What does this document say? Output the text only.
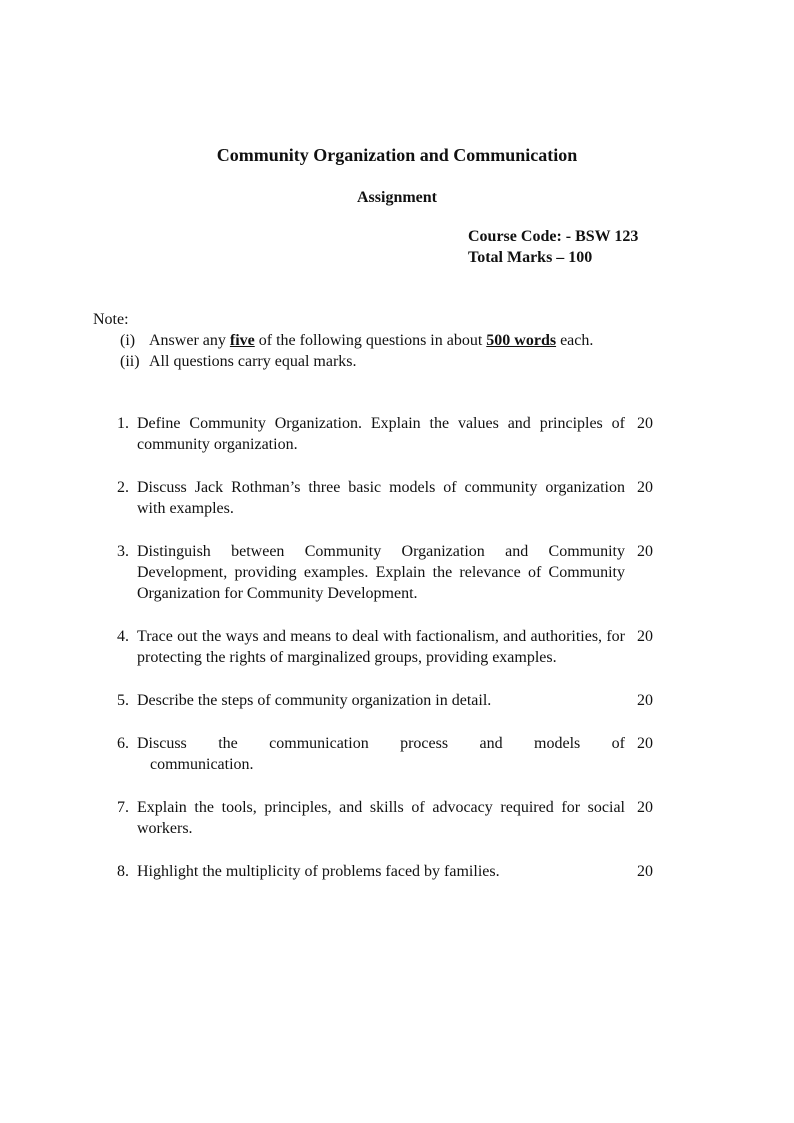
Community Organization and Communication
Assignment
Course Code: - BSW 123
Total Marks – 100
Note:
(i) Answer any five of the following questions in about 500 words each.
(ii) All questions carry equal marks.
1. Define Community Organization. Explain the values and principles of community organization.
20
2. Discuss Jack Rothman’s three basic models of community organization with examples.
20
3. Distinguish between Community Organization and Community Development, providing examples. Explain the relevance of Community Organization for Community Development.
20
4. Trace out the ways and means to deal with factionalism, and authorities, for protecting the rights of marginalized groups, providing examples.
20
5. Describe the steps of community organization in detail.	20
6. Discuss the communication process and models of
communication.
20
7. Explain the tools, principles, and skills of advocacy required for social workers.
20
8. Highlight the multiplicity of problems faced by families.	20
